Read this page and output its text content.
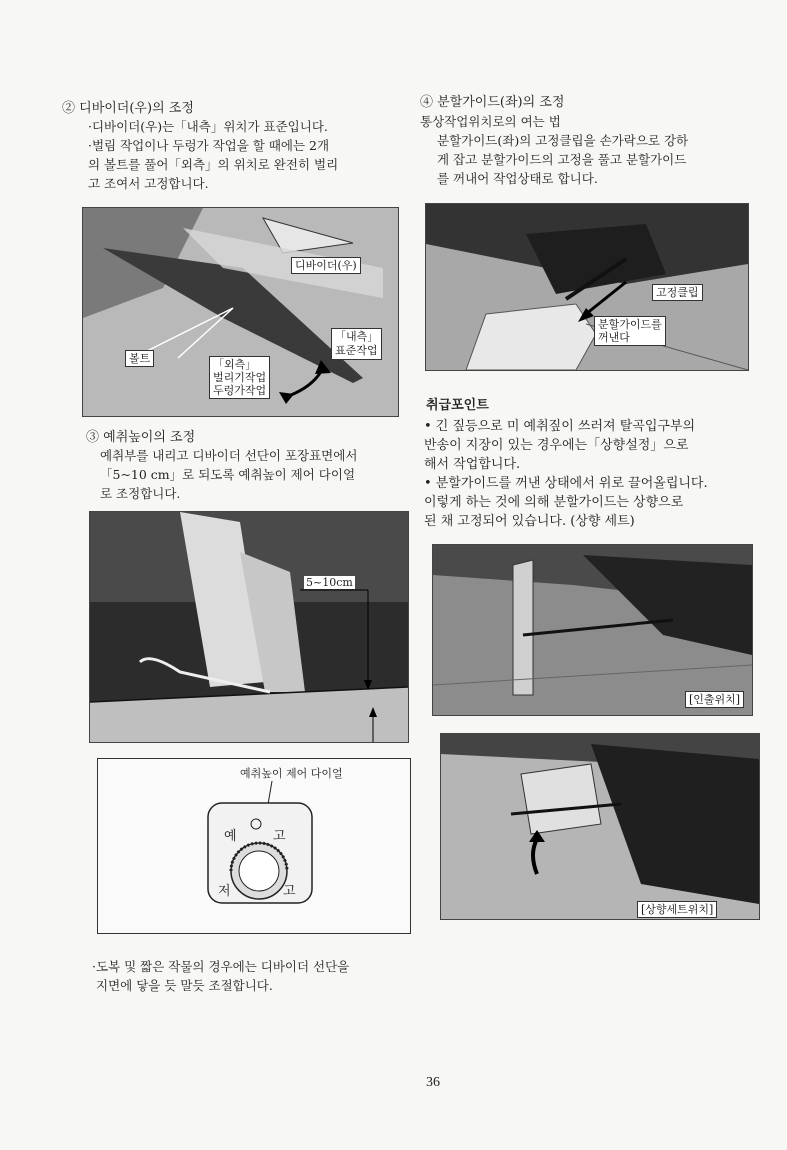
② 디바이더(우)의 조정
·디바이더(우)는「내측」위치가 표준입니다.
·벌림 작업이나 두렁가 작업을 할 때에는 2개
의 볼트를 풀어「외측」의 위치로 완전히 벌리
고 조여서 고정합니다.
디바이더(우)
볼트
「내측」
표준작업
「외측」
벌리기작업
두렁가작업
③ 예취높이의 조정
예취부를 내리고 디바이더 선단이 포장표면에서
「5~10 cm」로 되도록 예취높이 제어 다이얼
로 조정합니다.
5~10cm
예취높이 제어 다이얼
예	고
저	고
·도복 및 짧은 작물의 경우에는 디바이더 선단을
지면에 닿을 듯 말듯 조절합니다.
④ 분할가이드(좌)의 조정
통상작업위치로의 여는 법
분할가이드(좌)의 고정클립을 손가락으로 강하
게 잡고 분할가이드의 고정을 풀고 분할가이드
를 꺼내어 작업상태로 합니다.
고정클립
분할가이드를
꺼낸다
취급포인트
• 긴 짚등으로 미 예취짚이 쓰러져 탈곡입구부의
반송이 지장이 있는 경우에는「상향설정」으로
해서 작업합니다.
• 분할가이드를 꺼낸 상태에서 위로 끌어올립니다.
이렇게 하는 것에 의해 분할가이드는 상향으로
된 채 고정되어 있습니다. (상향 세트)
[인출위치]
[상향세트위치]
36
